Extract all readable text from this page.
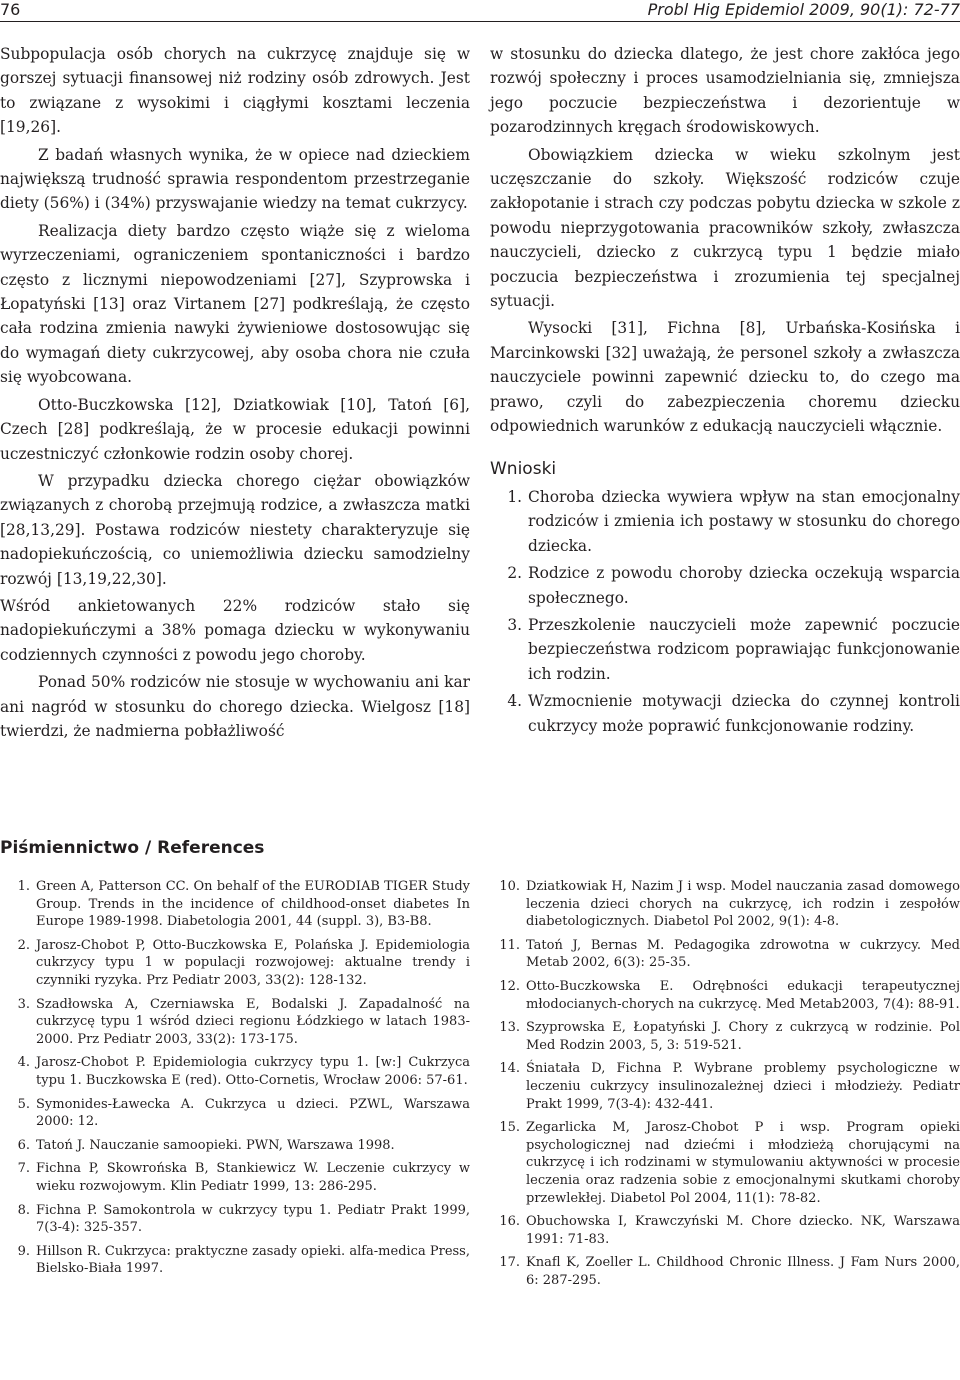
76	Probl Hig Epidemiol 2009, 90(1): 72-77

Subpopulacja osób chorych na cukrzycę znajduje się w gorszej sytuacji finansowej niż rodziny osób zdrowych. Jest to związane z wysokimi i ciągłymi kosztami leczenia [19,26].

Z badań własnych wynika, że w opiece nad dzieckiem największą trudność sprawia respondentom przestrzeganie diety (56%) i (34%) przyswajanie wiedzy na temat cukrzycy.

Realizacja diety bardzo często wiąże się z wieloma wyrzeczeniami, ograniczeniem spontaniczności i bardzo często z licznymi niepowodzeniami [27], Szyprowska i Łopatyński [13] oraz Virtanem [27] podkreślają, że często cała rodzina zmienia nawyki żywieniowe dostosowując się do wymagań diety cukrzycowej, aby osoba chora nie czuła się wyobcowana.

Otto-Buczkowska [12], Dziatkowiak [10], Tatoń [6], Czech [28] podkreślają, że w procesie edukacji powinni uczestniczyć członkowie rodzin osoby chorej.

W przypadku dziecka chorego ciężar obowiązków związanych z chorobą przejmują rodzice, a zwłaszcza matki [28,13,29]. Postawa rodziców niestety charakteryzuje się nadopiekuńczością, co uniemożliwia dziecku samodzielny rozwój [13,19,22,30].

Wśród ankietowanych 22% rodziców stało się nadopiekuńczymi a 38% pomaga dziecku w wykonywaniu codziennych czynności z powodu jego choroby.

Ponad 50% rodziców nie stosuje w wychowaniu ani kar ani nagród w stosunku do chorego dziecka. Wielgosz [18] twierdzi, że nadmierna pobłażliwość

w stosunku do dziecka dlatego, że jest chore zakłóca jego rozwój społeczny i proces usamodzielniania się, zmniejsza jego poczucie bezpieczeństwa i dezorientuje w pozarodzinnych kręgach środowiskowych.

Obowiązkiem dziecka w wieku szkolnym jest uczęszczanie do szkoły. Większość rodziców czuje zakłopotanie i strach czy podczas pobytu dziecka w szkole z powodu nieprzygotowania pracowników szkoły, zwłaszcza nauczycieli, dziecko z cukrzycą typu 1 będzie miało poczucia bezpieczeństwa i zrozumienia tej specjalnej sytuacji.

Wysocki [31], Fichna [8], Urbańska-Kosińska i Marcinkowski [32] uważają, że personel szkoły a zwłaszcza nauczyciele powinni zapewnić dziecku to, do czego ma prawo, czyli do zabezpieczenia choremu dziecku odpowiednich warunków z edukacją nauczycieli włącznie.

Wnioski
1. Choroba dziecka wywiera wpływ na stan emocjonalny rodziców i zmienia ich postawy w stosunku do chorego dziecka.
2. Rodzice z powodu choroby dziecka oczekują wsparcia społecznego.
3. Przeszkolenie nauczycieli może zapewnić poczucie bezpieczeństwa rodzicom poprawiając funkcjonowanie ich rodzin.
4. Wzmocnienie motywacji dziecka do czynnej kontroli cukrzycy może poprawić funkcjonowanie rodziny.
Piśmiennictwo / References
1. Green A, Patterson CC. On behalf of the EURODIAB TIGER Study Group. Trends in the incidence of childhood-onset diabetes In Europe 1989-1998. Diabetologia 2001, 44 (suppl. 3), B3-B8.
2. Jarosz-Chobot P, Otto-Buczkowska E, Polańska J. Epidemiologia cukrzycy typu 1 w populacji rozwojowej: aktualne trendy i czynniki ryzyka. Prz Pediatr 2003, 33(2): 128-132.
3. Szadłowska A, Czerniawska E, Bodalski J. Zapadalność na cukrzycę typu 1 wśród dzieci regionu Łódzkiego w latach 1983-2000. Prz Pediatr 2003, 33(2): 173-175.
4. Jarosz-Chobot P. Epidemiologia cukrzycy typu 1. [w:] Cukrzyca typu 1. Buczkowska E (red). Otto-Cornetis, Wrocław 2006: 57-61.
5. Symonides-Ławecka A. Cukrzyca u dzieci. PZWL, Warszawa 2000: 12.
6. Tatoń J. Nauczanie samoopieki. PWN, Warszawa 1998.
7. Fichna P, Skowrońska B, Stankiewicz W. Leczenie cukrzycy w wieku rozwojowym. Klin Pediatr 1999, 13: 286-295.
8. Fichna P. Samokontrola w cukrzycy typu 1. Pediatr Prakt 1999, 7(3-4): 325-357.
9. Hillson R. Cukrzyca: praktyczne zasady opieki. alfa-medica Press, Bielsko-Biała 1997.
10. Dziatkowiak H, Nazim J i wsp. Model nauczania zasad domowego leczenia dzieci chorych na cukrzycę, ich rodzin i zespołów diabetologicznych. Diabetol Pol 2002, 9(1): 4-8.
11. Tatoń J, Bernas M. Pedagogika zdrowotna w cukrzycy. Med Metab 2002, 6(3): 25-35.
12. Otto-Buczkowska E. Odrębności edukacji terapeutycznej młodocianych-chorych na cukrzycę. Med Metab2003, 7(4): 88-91.
13. Szyprowska E, Łopatyński J. Chory z cukrzycą w rodzinie. Pol Med Rodzin 2003, 5, 3: 519-521.
14. Śniatała D, Fichna P. Wybrane problemy psychologiczne w leczeniu cukrzycy insulinozależnej dzieci i młodzieży. Pediatr Prakt 1999, 7(3-4): 432-441.
15. Zegarlicka M, Jarosz-Chobot P i wsp. Program opieki psychologicznej nad dziećmi i młodzieżą chorującymi na cukrzycę i ich rodzinami w stymulowaniu aktywności w procesie leczenia oraz radzenia sobie z emocjonalnymi skutkami choroby przewlekłej. Diabetol Pol 2004, 11(1): 78-82.
16. Obuchowska I, Krawczyński M. Chore dziecko. NK, Warszawa 1991: 71-83.
17. Knafl K, Zoeller L. Childhood Chronic Illness. J Fam Nurs 2000, 6: 287-295.
